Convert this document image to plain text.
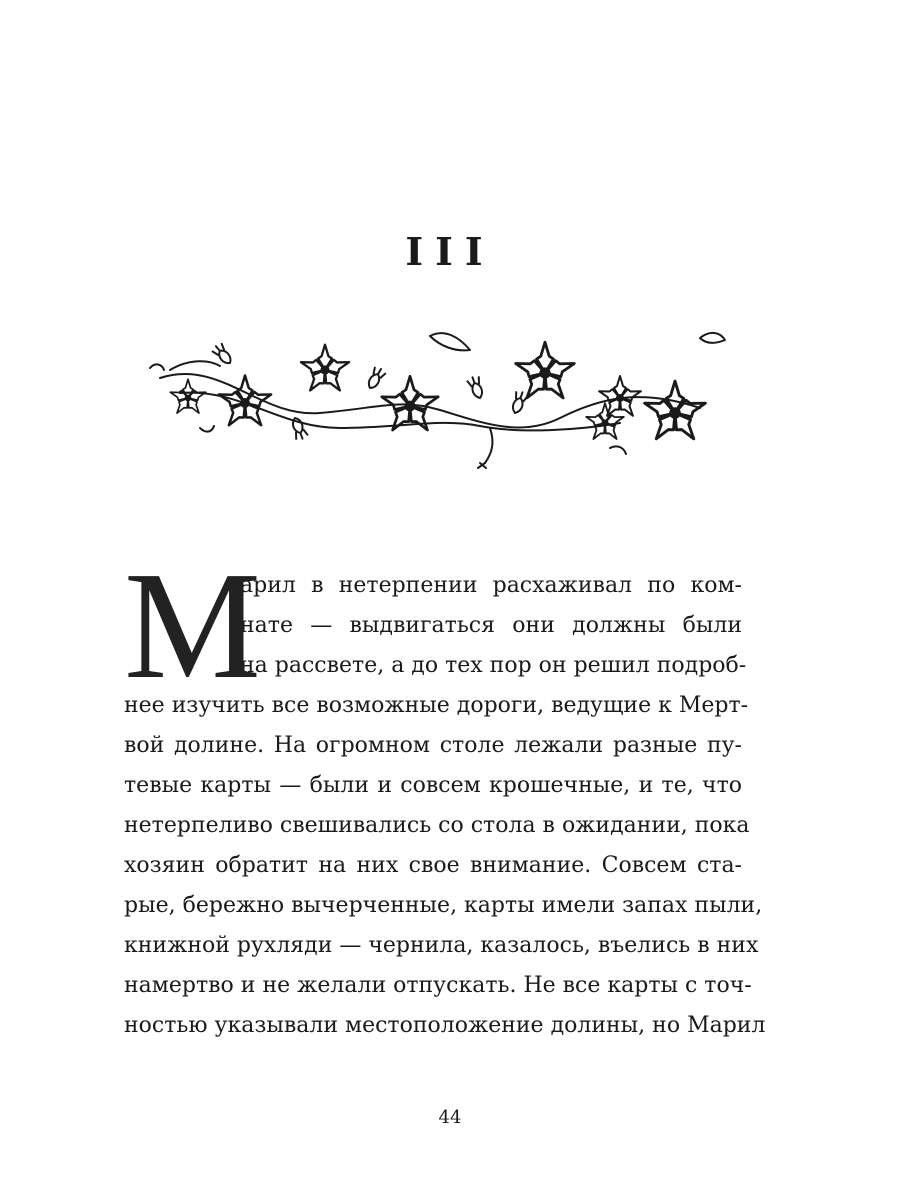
III
М
арил в нетерпении расхаживал по ком-
нате — выдвигаться они должны были
на рассвете, а до тех пор он решил подроб-
нее изучить все возможные дороги, ведущие к Мерт-
вой долине. На огромном столе лежали разные пу-
тевые карты — были и совсем крошечные, и те, что
нетерпеливо свешивались со стола в ожидании, пока
хозяин обратит на них свое внимание. Совсем ста-
рые, бережно вычерченные, карты имели запах пыли,
книжной рухляди — чернила, казалось, въелись в них
намертво и не желали отпускать. Не все карты с точ-
ностью указывали местоположение долины, но Марил
44
